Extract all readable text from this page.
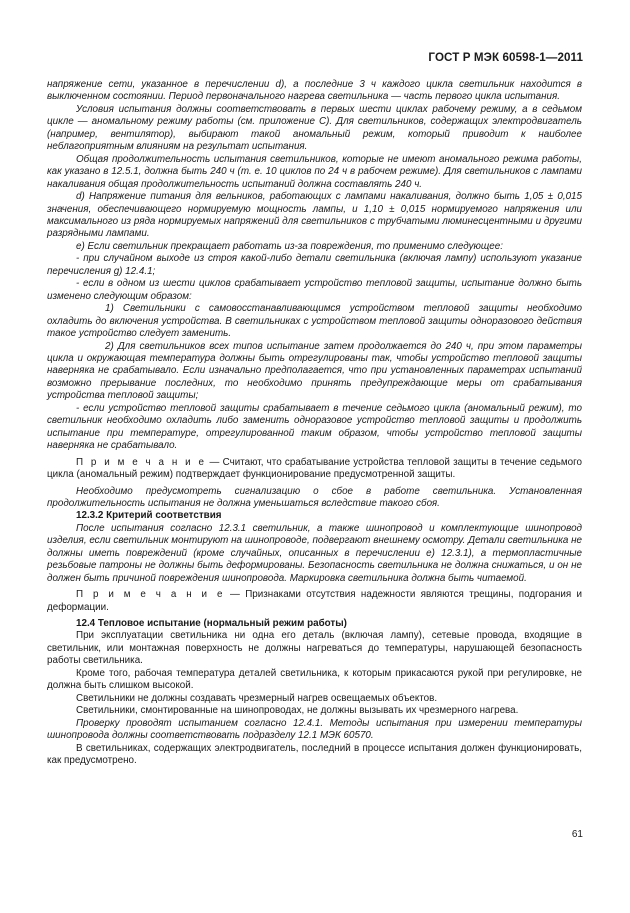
ГОСТ Р МЭК 60598-1—2011

напряжение сети, указанное в перечислении d), а последние 3 ч каждого цикла светильник находится в выключенном состоянии. Период первоначального нагрева светильника — часть первого цикла испытания.

Условия испытания должны соответствовать в первых шести циклах рабочему режиму, а в седьмом цикле — аномальному режиму работы (см. приложение С). Для светильников, содержащих электродвигатель (например, вентилятор), выбирают такой аномальный режим, который приводит к наиболее неблагоприятным влияниям на результат испытания.

Общая продолжительность испытания светильников, которые не имеют аномального режима работы, как указано в 12.5.1, должна быть 240 ч (т. е. 10 циклов по 24 ч в рабочем режиме). Для светильников с лампами накаливания общая продолжительность испытаний должна составлять 240 ч.

d) Напряжение питания для вельников, работающих с лампами накаливания, должно быть 1,05 ± 0,015 значения, обеспечивающего нормируемую мощность лампы, и 1,10 ± 0,015 нормируемого напряжения или максимального из ряда нормируемых напряжений для светильников с трубчатыми люминесцентными и другими разрядными лампами.

e) Если светильник прекращает работать из-за повреждения, то применимо следующее:

- при случайном выходе из строя какой-либо детали светильника (включая лампу) используют указание перечисления g) 12.4.1;

- если в одном из шести циклов срабатывает устройство тепловой защиты, испытание должно быть изменено следующим образом:

1) Светильники с самовосстанавливающимся устройством тепловой защиты необходимо охладить до включения устройства. В светильниках с устройством тепловой защиты одноразового действия такое устройство следует заменить.

2) Для светильников всех типов испытание затем продолжается до 240 ч, при этом параметры цикла и окружающая температура должны быть отрегулированы так, чтобы устройство тепловой защиты наверняка не срабатывало. Если изначально предполагается, что при установленных параметрах испытаний возможно прерывание последних, то необходимо принять предупреждающие меры от срабатывания устройства тепловой защиты;

- если устройство тепловой защиты срабатывает в течение седьмого цикла (аномальный режим), то светильник необходимо охладить либо заменить одноразовое устройство тепловой защиты и продолжить испытание при температуре, отрегулированной таким образом, чтобы устройство тепловой защиты наверняка не срабатывало.

П р и м е ч а н и е — Считают, что срабатывание устройства тепловой защиты в течение седьмого цикла (аномальный режим) подтверждает функционирование предусмотренной защиты.

Необходимо предусмотреть сигнализацию о сбое в работе светильника. Установленная продолжительность испытания не должна уменьшаться вследствие такого сбоя.

12.3.2 Критерий соответствия

После испытания согласно 12.3.1 светильник, а также шинопровод и комплектующие шинопровод изделия, если светильник монтируют на шинопроводе, подвергают внешнему осмотру. Детали светильника не должны иметь повреждений (кроме случайных, описанных в перечислении e) 12.3.1), а термопластичные резьбовые патроны не должны быть деформированы. Безопасность светильника не должна снижаться, и он не должен быть причиной повреждения шинопровода. Маркировка светильника должна быть читаемой.

П р и м е ч а н и е — Признаками отсутствия надежности являются трещины, подгорания и деформации.

12.4 Тепловое испытание (нормальный режим работы)

При эксплуатации светильника ни одна его деталь (включая лампу), сетевые провода, входящие в светильник, или монтажная поверхность не должны нагреваться до температуры, нарушающей безопасность работы светильника.

Кроме того, рабочая температура деталей светильника, к которым прикасаются рукой при регулировке, не должна быть слишком высокой.

Светильники не должны создавать чрезмерный нагрев освещаемых объектов.

Светильники, смонтированные на шинопроводах, не должны вызывать их чрезмерного нагрева.

Проверку проводят испытанием согласно 12.4.1. Методы испытания при измерении температуры шинопровода должны соответствовать подразделу 12.1 МЭК 60570.

В светильниках, содержащих электродвигатель, последний в процессе испытания должен функционировать, как предусмотрено.

61
